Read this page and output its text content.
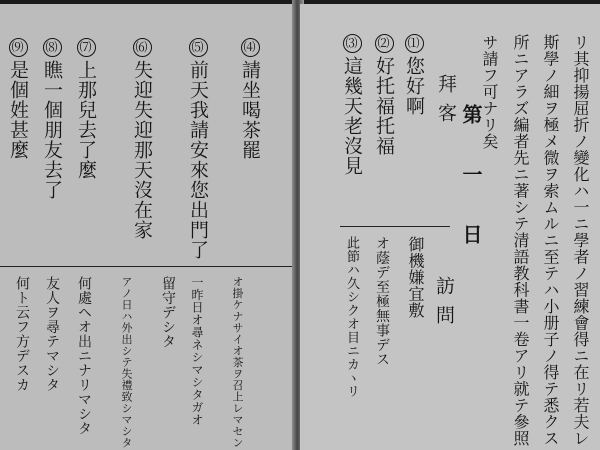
⑼是個姓甚麼
⑻瞧一個朋友去了
⑺上那兒去了麼
⑹失迎失迎那天沒在家
⑸前天我請安來您出門了
⑷請坐喝茶罷
何ト云フ方デスカ 友人ヲ尋テマシタ 何處ヘオ出ニナリマシタ	アノ日ハ外出シテ失禮致シマシタ 留守デシタ 一昨日オ尋ネシマシタガオ オ掛ケナサイオ茶ヲ召上レマセン
⑶這幾天老沒見
⑵好托福托福
⑴您好啊 拜客
第一日
此節ハ久シクオ目ニカヽリ オ蔭デ至極無事デス 御機嫌宜敷 訪問
サ請フ可ナリ矣 所ニアラズ編者先ニ著シテ清語教科書一卷アリ就テ參照 斯學ノ細ヲ極メ微ヲ索ムルニ至テハ小册子ノ得テ悉クス リ其抑揚屈折ノ變化ハ一ニ學者ノ習練會得ニ在リ若夫レ
